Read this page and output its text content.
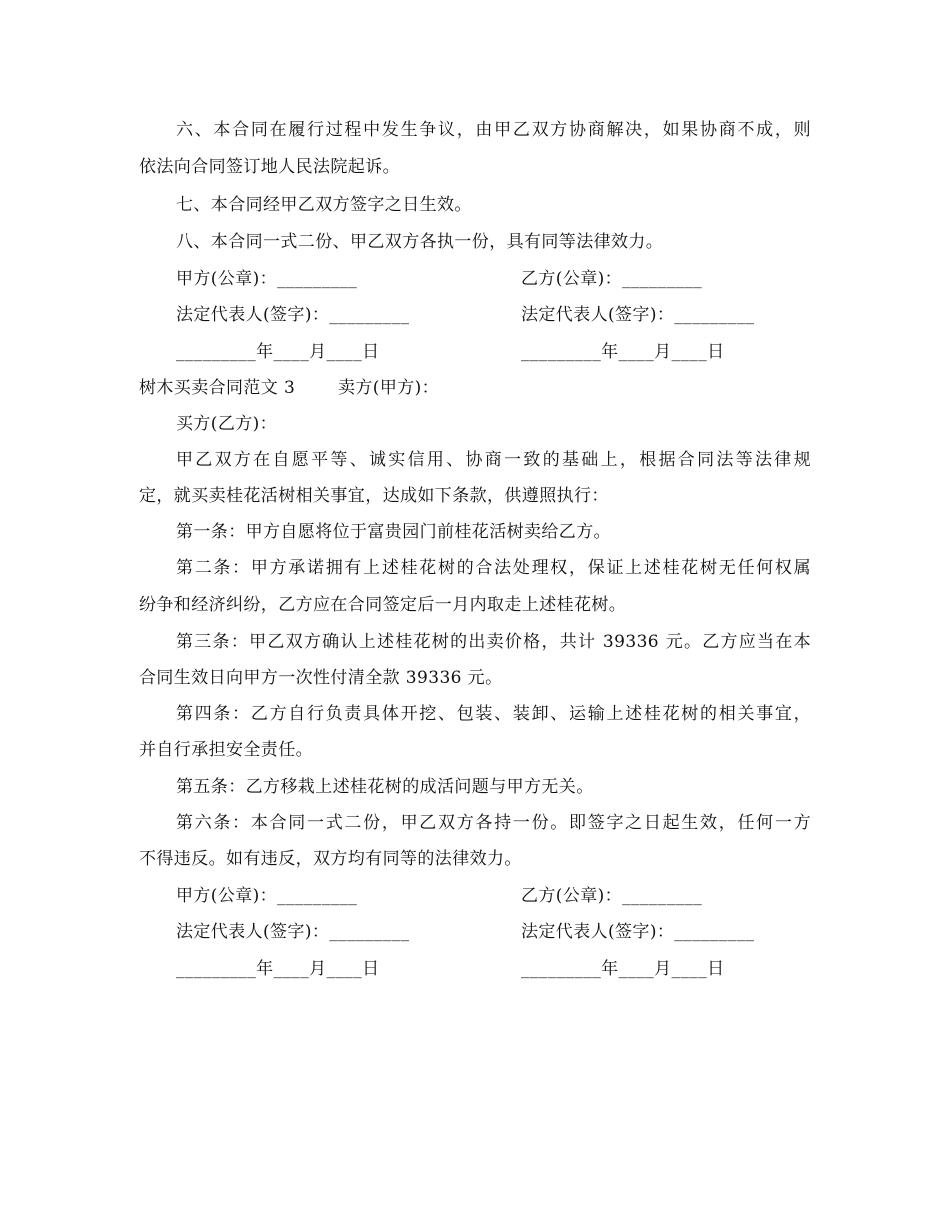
六、本合同在履行过程中发生争议，由甲乙双方协商解决，如果协商不成，则
依法向合同签订地人民法院起诉。
七、本合同经甲乙双方签字之日生效。
八、本合同一式二份、甲乙双方各执一份，具有同等法律效力。
甲方(公章)：_________	乙方(公章)：_________
法定代表人(签字)：_________	法定代表人(签字)：_________
_________年____月____日	_________年____月____日
树木买卖合同范文 3	卖方(甲方)：
买方(乙方)：
甲乙双方在自愿平等、诚实信用、协商一致的基础上，根据合同法等法律规
定，就买卖桂花活树相关事宜，达成如下条款，供遵照执行：
第一条：甲方自愿将位于富贵园门前桂花活树卖给乙方。
第二条：甲方承诺拥有上述桂花树的合法处理权，保证上述桂花树无任何权属
纷争和经济纠纷，乙方应在合同签定后一月内取走上述桂花树。
第三条：甲乙双方确认上述桂花树的出卖价格，共计 39336 元。乙方应当在本
合同生效日向甲方一次性付清全款 39336 元。
第四条：乙方自行负责具体开挖、包装、装卸、运输上述桂花树的相关事宜，
并自行承担安全责任。
第五条：乙方移栽上述桂花树的成活问题与甲方无关。
第六条：本合同一式二份，甲乙双方各持一份。即签字之日起生效，任何一方
不得违反。如有违反，双方均有同等的法律效力。
甲方(公章)：_________	乙方(公章)：_________
法定代表人(签字)：_________	法定代表人(签字)：_________
_________年____月____日	_________年____月____日
